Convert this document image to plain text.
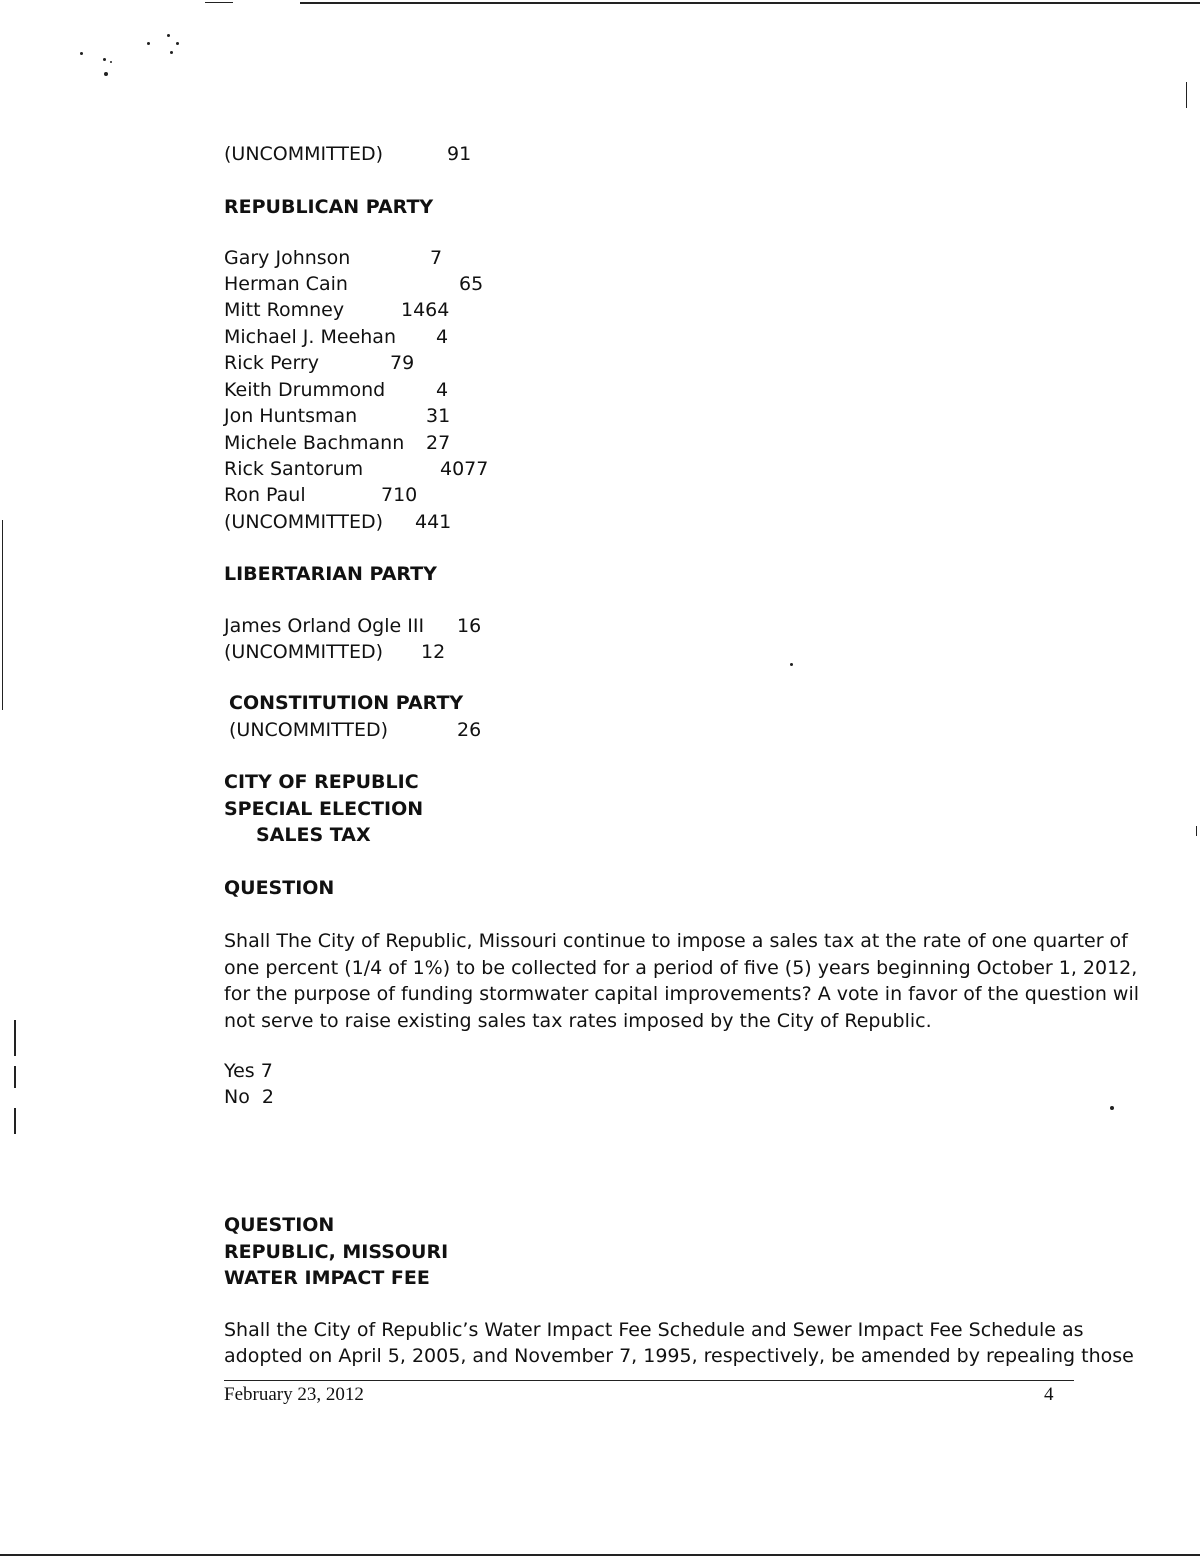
(UNCOMMITTED)	91
REPUBLICAN PARTY
Gary Johnson	7
Herman Cain	65
Mitt Romney	1464
Michael J. Meehan 4
Rick Perry	79
Keith Drummond	4
Jon Huntsman	31
Michele Bachmann 27
Rick Santorum	4077
Ron Paul	710
(UNCOMMITTED) 441
LIBERTARIAN PARTY
James Orland Ogle III 16
(UNCOMMITTED) 12
CONSTITUTION PARTY
(UNCOMMITTED)	26
CITY OF REPUBLIC
SPECIAL ELECTION
SALES TAX
QUESTION
Shall The City of Republic, Missouri continue to impose a sales tax at the rate of one quarter of
one percent (1/4 of 1%) to be collected for a period of five (5) years beginning October 1, 2012,
for the purpose of funding stormwater capital improvements? A vote in favor of the question wil
not serve to raise existing sales tax rates imposed by the City of Republic.
Yes 7
No  2
QUESTION
REPUBLIC, MISSOURI
WATER IMPACT FEE
Shall the City of Republic’s Water Impact Fee Schedule and Sewer Impact Fee Schedule as
adopted on April 5, 2005, and November 7, 1995, respectively, be amended by repealing those
February 23, 2012	4
